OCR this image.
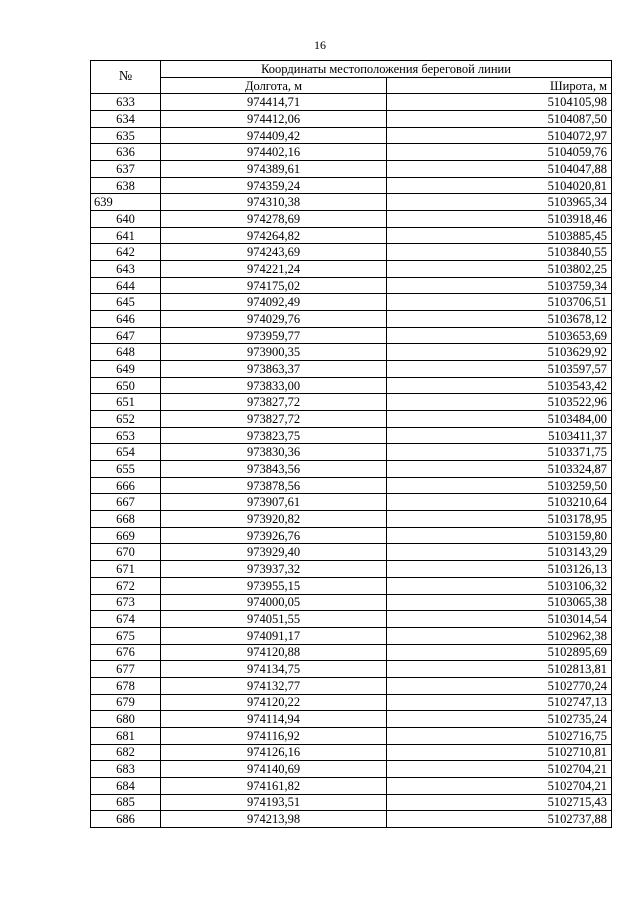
16
№	Координаты местоположения береговой линии	
	Долгота, м	Широта, м
633	974414,71	5104105,98
634	974412,06	5104087,50
635	974409,42	5104072,97
636	974402,16	5104059,76
637	974389,61	5104047,88
638	974359,24	5104020,81
639	974310,38	5103965,34
640	974278,69	5103918,46
641	974264,82	5103885,45
642	974243,69	5103840,55
643	974221,24	5103802,25
644	974175,02	5103759,34
645	974092,49	5103706,51
646	974029,76	5103678,12
647	973959,77	5103653,69
648	973900,35	5103629,92
649	973863,37	5103597,57
650	973833,00	5103543,42
651	973827,72	5103522,96
652	973827,72	5103484,00
653	973823,75	5103411,37
654	973830,36	5103371,75
655	973843,56	5103324,87
666	973878,56	5103259,50
667	973907,61	5103210,64
668	973920,82	5103178,95
669	973926,76	5103159,80
670	973929,40	5103143,29
671	973937,32	5103126,13
672	973955,15	5103106,32
673	974000,05	5103065,38
674	974051,55	5103014,54
675	974091,17	5102962,38
676	974120,88	5102895,69
677	974134,75	5102813,81
678	974132,77	5102770,24
679	974120,22	5102747,13
680	974114,94	5102735,24
681	974116,92	5102716,75
682	974126,16	5102710,81
683	974140,69	5102704,21
684	974161,82	5102704,21
685	974193,51	5102715,43
686	974213,98	5102737,88
